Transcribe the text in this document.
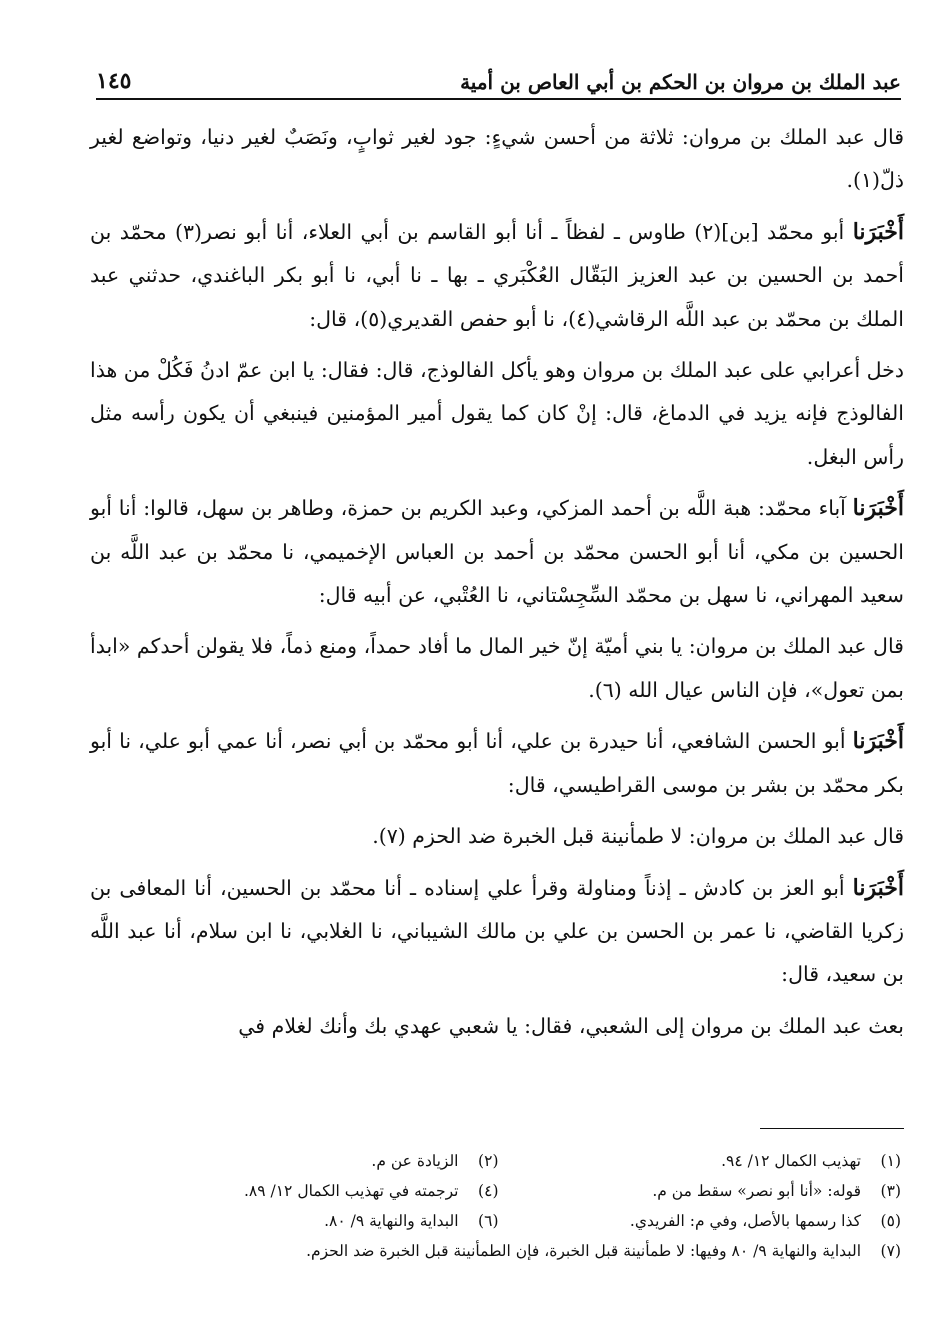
١٤٥	عبد الملك بن مروان بن الحكم بن أبي العاص بن أمية

قال عبد الملك بن مروان: ثلاثة من أحسن شيءٍ: جود لغير ثوابٍ، ونَصَبٌ لغير دنيا، وتواضع لغير ذلّ(١).

أَخْبَرَنا أبو محمّد [بن](٢) طاوس ـ لفظاً ـ أنا أبو القاسم بن أبي العلاء، أنا أبو نصر(٣) محمّد بن أحمد بن الحسين بن عبد العزيز البَقّال العُكْبَري ـ بها ـ نا أبي، نا أبو بكر الباغندي، حدثني عبد الملك بن محمّد بن عبد اللَّه الرقاشي(٤)، نا أبو حفص القديري(٥)، قال:

دخل أعرابي على عبد الملك بن مروان وهو يأكل الفالوذج، قال: فقال: يا ابن عمّ ادنُ فَكُلْ من هذا الفالوذج فإنه يزيد في الدماغ، قال: إنْ كان كما يقول أمير المؤمنين فينبغي أن يكون رأسه مثل رأس البغل.

أَخْبَرَنا آباء محمّد: هبة اللَّه بن أحمد المزكي، وعبد الكريم بن حمزة، وطاهر بن سهل، قالوا: أنا أبو الحسين بن مكي، أنا أبو الحسن محمّد بن أحمد بن العباس الإخميمي، نا محمّد بن عبد اللَّه بن سعيد المهراني، نا سهل بن محمّد السِّجِسْتاني، نا العُتْبي، عن أبيه قال:

قال عبد الملك بن مروان: يا بني أميّة إنّ خير المال ما أفاد حمداً، ومنع ذماً، فلا يقولن أحدكم «ابدأ بمن تعول»، فإن الناس عيال الله (٦).

أَخْبَرَنا أبو الحسن الشافعي، أنا حيدرة بن علي، أنا أبو محمّد بن أبي نصر، أنا عمي أبو علي، نا أبو بكر محمّد بن بشر بن موسى القراطيسي، قال:

قال عبد الملك بن مروان: لا طمأنينة قبل الخبرة ضد الحزم (٧).

أَخْبَرَنا أبو العز بن كادش ـ إذناً ومناولة وقرأ علي إسناده ـ أنا محمّد بن الحسين، أنا المعافى بن زكريا القاضي، نا عمر بن الحسن بن علي بن مالك الشيباني، نا الغلابي، نا ابن سلام، أنا عبد اللَّه بن سعيد، قال:

بعث عبد الملك بن مروان إلى الشعبي، فقال: يا شعبي عهدي بك وأنك لغلام في

(١)
تهذيب الكمال ١٢/ ٩٤.
(٢)
الزيادة عن م.
(٣)
قوله: «أنا أبو نصر» سقط من م.
(٤)
ترجمته في تهذيب الكمال ١٢/ ٨٩.
(٥)
كذا رسمها بالأصل، وفي م: الفريدي.
(٦)
البداية والنهاية ٩/ ٨٠.
(٧)
البداية والنهاية ٩/ ٨٠ وفيها: لا طمأنينة قبل الخبرة، فإن الطمأنينة قبل الخبرة ضد الحزم.
